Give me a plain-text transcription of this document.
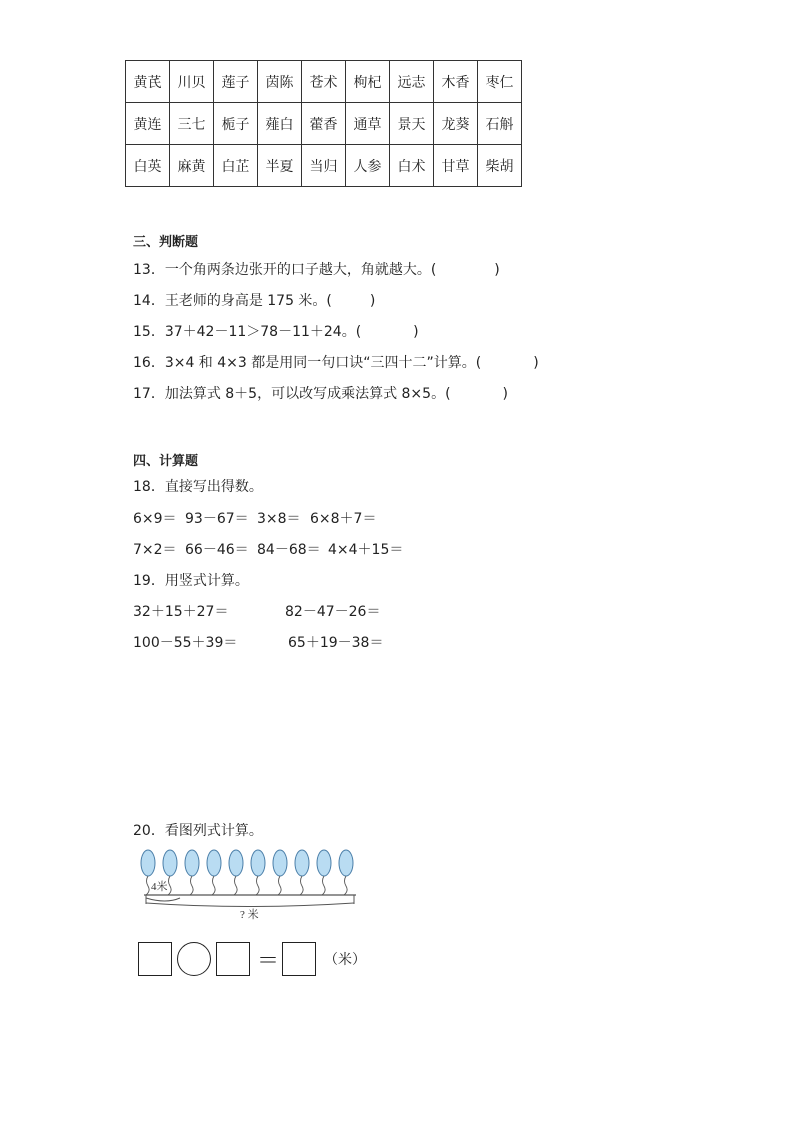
黄芪	川贝	莲子	茵陈	苍术	枸杞	远志	木香	枣仁
黄连	三七	栀子	薤白	藿香	通草	景天	龙葵	石斛
白英	麻黄	白芷	半夏	当归	人参	白术	甘草	柴胡
三、判断题
13．一个角两条边张开的口子越大，角就越大。(	)
14．王老师的身高是 175 米。(	)
15．37＋42－11＞78－11＋24。(	)
16．3×4 和 4×3 都是用同一句口诀“三四十二”计算。(	)
17．加法算式 8＋5，可以改写成乘法算式 8×5。(	)
四、计算题
18．直接写出得数。
6×9＝ 93－67＝ 3×8＝ 6×8＋7＝
7×2＝ 66－46＝ 84－68＝ 4×4＋15＝
19．用竖式计算。
32＋15＋27＝	82－47－26＝
100－55＋39＝	65＋19－38＝
20．看图列式计算。
4米
? 米
＝	（米）
